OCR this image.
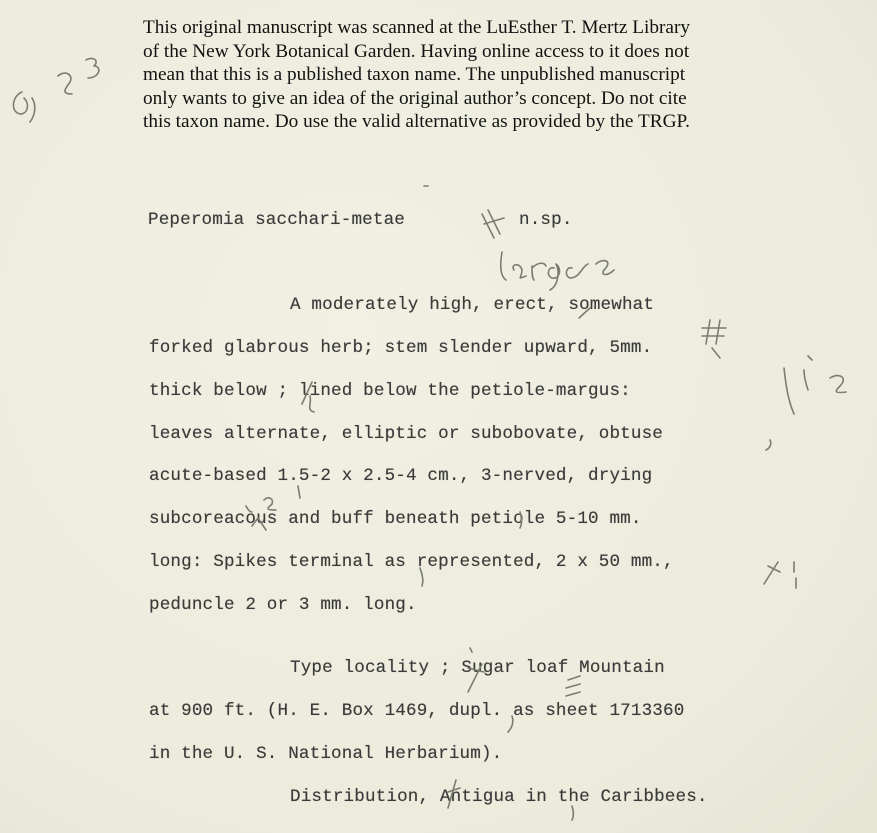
This original manuscript was scanned at the LuEsther T. Mertz Library
of the New York Botanical Garden. Having online access to it does not
mean that this is a published taxon name. The unpublished manuscript
only wants to give an idea of the original author’s concept. Do not cite
this taxon name. Do use the valid alternative as provided by the TRGP.
Peperomia sacchari-metae	n.sp.
A moderately high, erect, somewhat
forked glabrous herb; stem slender upward, 5mm.
thick below ; lined below the petiole-margus:
leaves alternate, elliptic or subobovate, obtuse
acute-based 1.5-2 x 2.5-4 cm., 3-nerved, drying
subcoreacous and buff beneath petiole 5-10 mm.
long: Spikes terminal as represented, 2 x 50 mm.,
peduncle 2 or 3 mm. long.
Type locality ; Sugar loaf Mountain
at 900 ft. (H. E. Box 1469, dupl. as sheet 1713360
in the U. S. National Herbarium).
Distribution, Antigua in the Caribbees.
